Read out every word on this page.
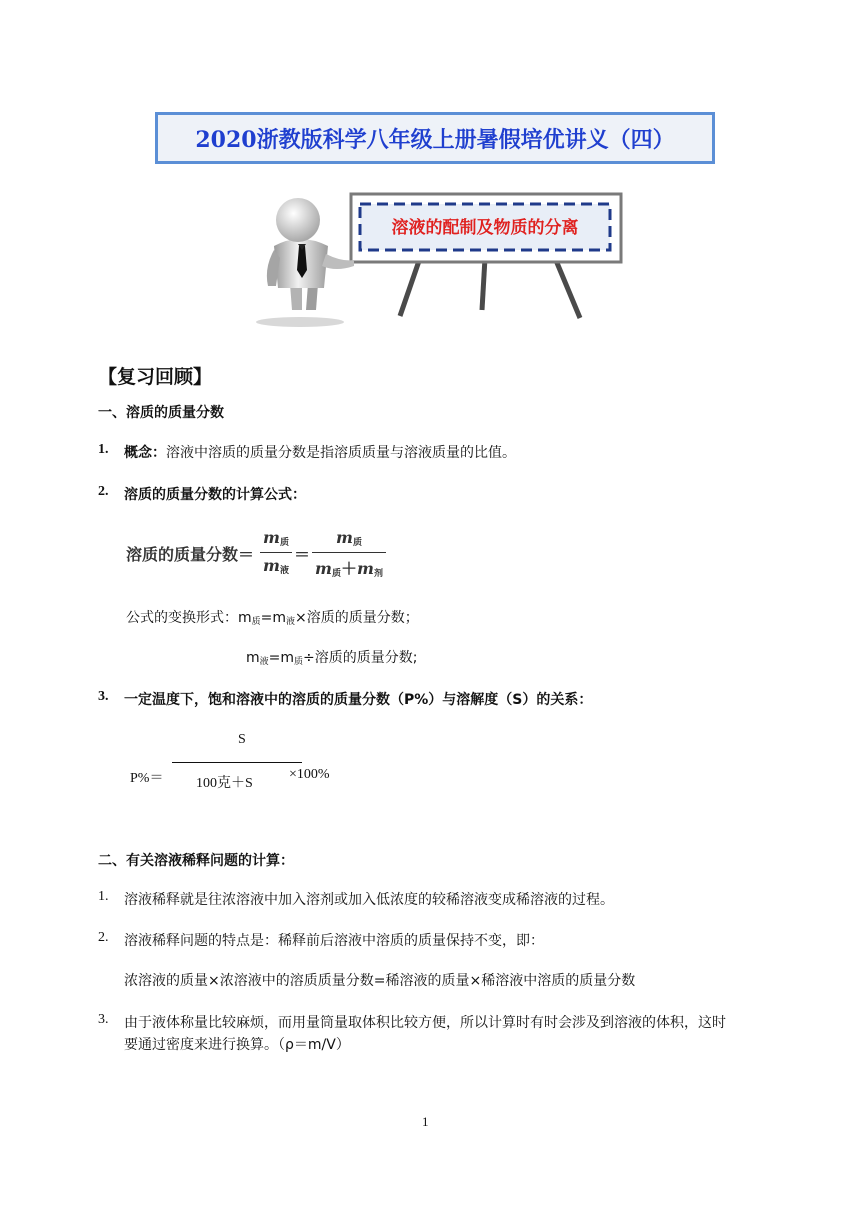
2020浙教版科学八年级上册暑假培优讲义（四）
溶液的配制及物质的分离
【复习回顾】
一、溶质的质量分数
1. 概念：溶液中溶质的质量分数是指溶质质量与溶液质量的比值。
2. 溶质的质量分数的计算公式：
溶质的质量分数＝
$m_质$
$m_液$
＝
$m_质$
$m_质+m_剂$
公式的变换形式：$m_质=m_液\times$溶质的质量分数；
$m_液=m_质\div$溶质的质量分数;
3. 一定温度下，饱和溶液中的溶质的质量分数（P%）与溶解度（S）的关系：
S
P%＝ 100克＋S
×100%
二、有关溶液稀释问题的计算：
1. 溶液稀释就是往浓溶液中加入溶剂或加入低浓度的较稀溶液变成稀溶液的过程。
2. 溶液稀释问题的特点是：稀释前后溶液中溶质的质量保持不变，即：
浓溶液的质量×浓溶液中的溶质质量分数=稀溶液的质量×稀溶液中溶质的质量分数
3. 由于液体称量比较麻烦，而用量筒量取体积比较方便，所以计算时有时会涉及到溶液的体积，这时
要通过密度来进行换算。（ρ＝m/V）
1
